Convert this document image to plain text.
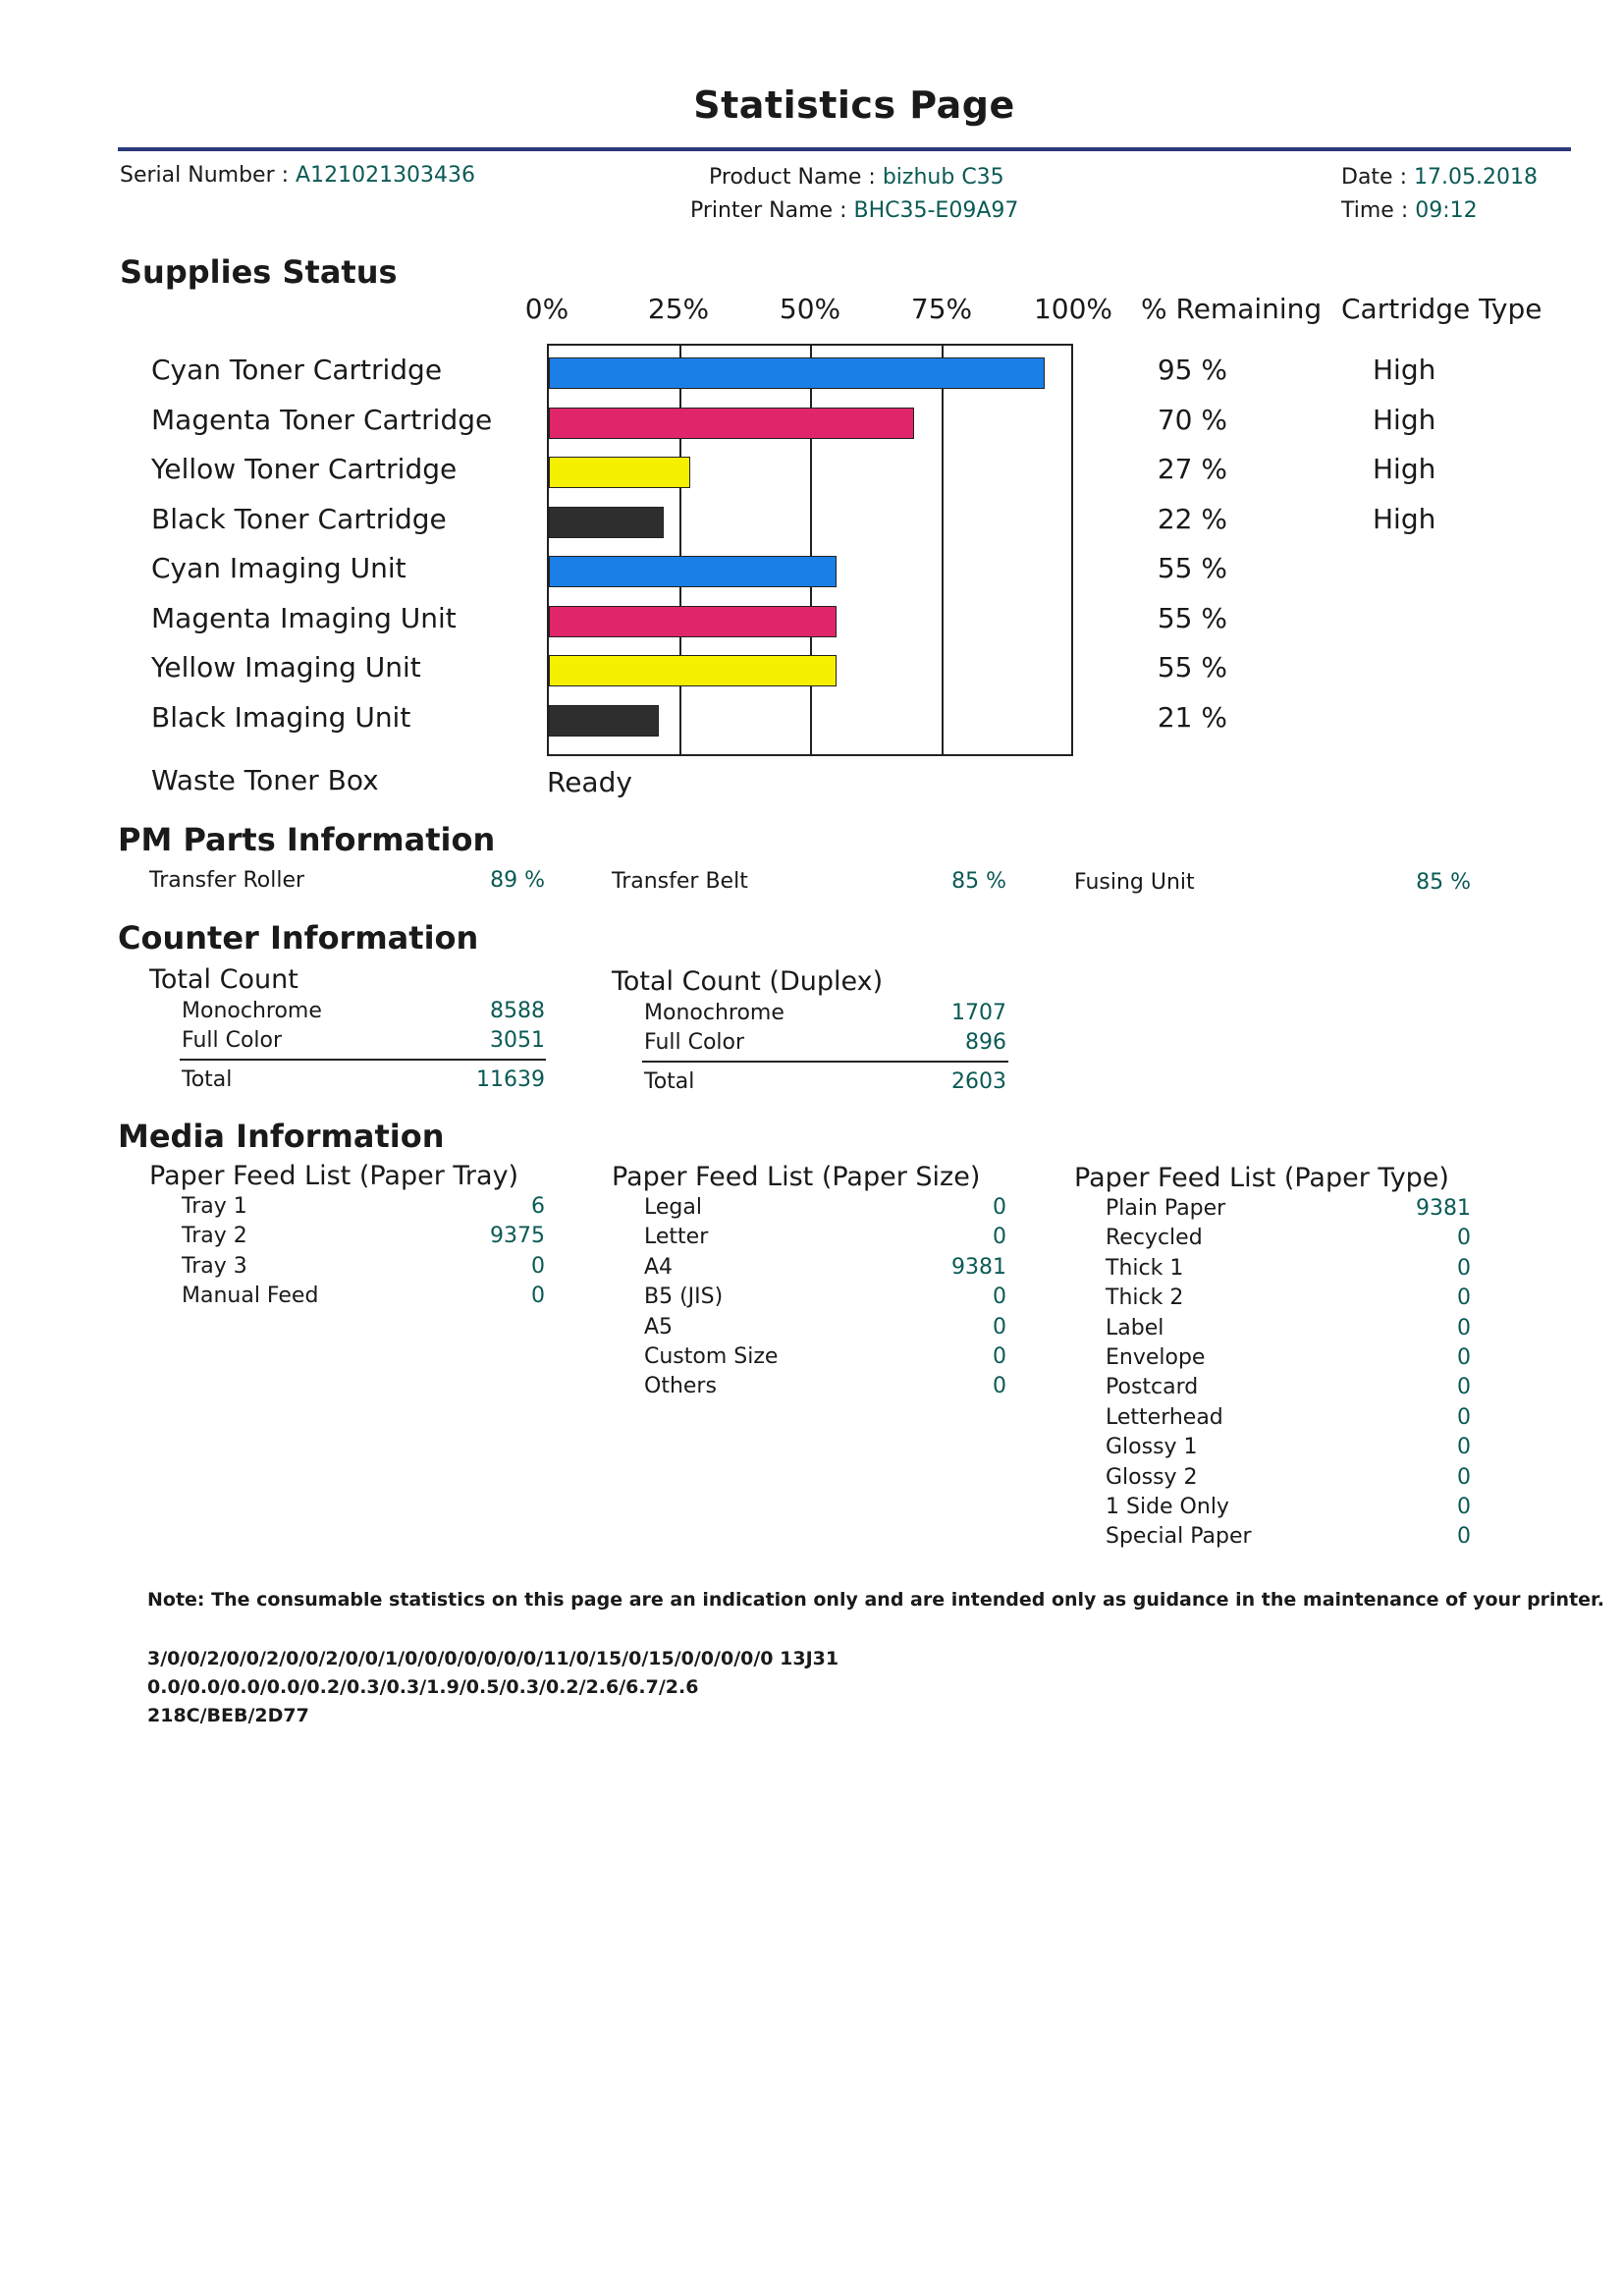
Statistics Page
Serial Number : A121021303436	Product Name : bizhub C35
Printer Name : BHC35-E09A97
Date : 17.05.2018
Time : 09:12
Supplies Status
0%	25%	50%	75%	100%	% Remaining Cartridge Type
Cyan Toner Cartridge	95 %	High
Magenta Toner Cartridge	70 %	High
Yellow Toner Cartridge	27 %	High
Black Toner Cartridge	22 %	High
Cyan Imaging Unit	55 %
Magenta Imaging Unit	55 %
Yellow Imaging Unit	55 %
Black Imaging Unit	21 %
Waste Toner Box	Ready
PM Parts Information
Transfer Roller	89 %	Transfer Belt	85 %	Fusing Unit	85 %
Counter Information
Total Count
Monochrome	8588
Full Color	3051
Total	11639
Total Count (Duplex)
Monochrome	1707
Full Color	896
Total	2603
Media Information
Paper Feed List (Paper Tray)
Tray 1	6
Tray 2	9375
Tray 3	0
Manual Feed	0
Paper Feed List (Paper Size)
Legal	0
Letter	0
A4	9381
B5 (JIS)	0
A5	0
Custom Size	0
Others	0
Paper Feed List (Paper Type)
Plain Paper	9381
Recycled	0
Thick 1	0
Thick 2	0
Label	0
Envelope	0
Postcard	0
Letterhead	0
Glossy 1	0
Glossy 2	0
1 Side Only	0
Special Paper	0
Note: The consumable statistics on this page are an indication only and are intended only as guidance in the maintenance of your printer.
3/0/0/2/0/0/2/0/0/2/0/0/1/0/0/0/0/0/0/0/11/0/15/0/15/0/0/0/0/0 13J31
0.0/0.0/0.0/0.0/0.2/0.3/0.3/1.9/0.5/0.3/0.2/2.6/6.7/2.6
218C/BEB/2D77
